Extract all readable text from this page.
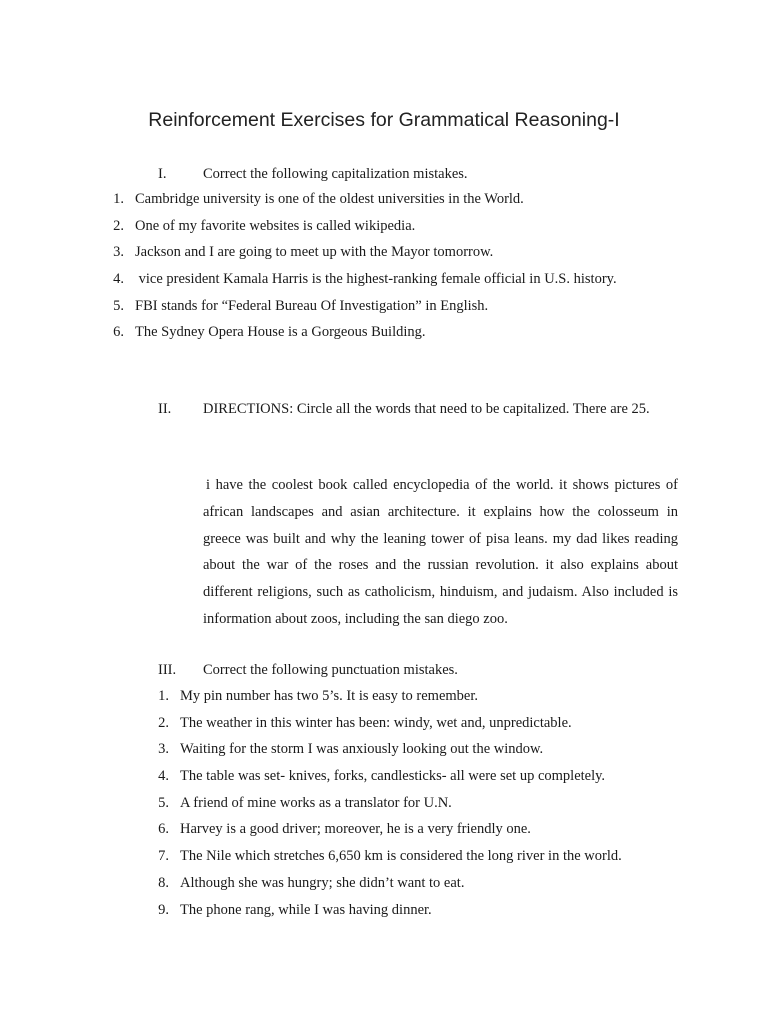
Reinforcement Exercises for Grammatical Reasoning-I
I.	Correct the following capitalization mistakes.
1. Cambridge university is one of the oldest universities in the World.
2. One of my favorite websites is called wikipedia.
3. Jackson and I are going to meet up with the Mayor tomorrow.
4. vice president Kamala Harris is the highest-ranking female official in U.S. history.
5. FBI stands for “Federal Bureau Of Investigation” in English.
6. The Sydney Opera House is a Gorgeous Building.
II. DIRECTIONS: Circle all the words that need to be capitalized. There are 25.

i have the coolest book called encyclopedia of the world. it shows pictures of african landscapes and asian architecture. it explains how the colosseum in greece was built and why the leaning tower of pisa leans. my dad likes reading about the war of the roses and the russian revolution. it also explains about different religions, such as catholicism, hinduism, and judaism. Also included is information about zoos, including the san diego zoo.

III. Correct the following punctuation mistakes.
1. My pin number has two 5’s. It is easy to remember.
2. The weather in this winter has been: windy, wet and, unpredictable.
3. Waiting for the storm I was anxiously looking out the window.
4. The table was set- knives, forks, candlesticks- all were set up completely.
5. A friend of mine works as a translator for U.N.
6. Harvey is a good driver; moreover, he is a very friendly one.
7. The Nile which stretches 6,650 km is considered the long river in the world.
8. Although she was hungry; she didn’t want to eat.
9. The phone rang, while I was having dinner.
